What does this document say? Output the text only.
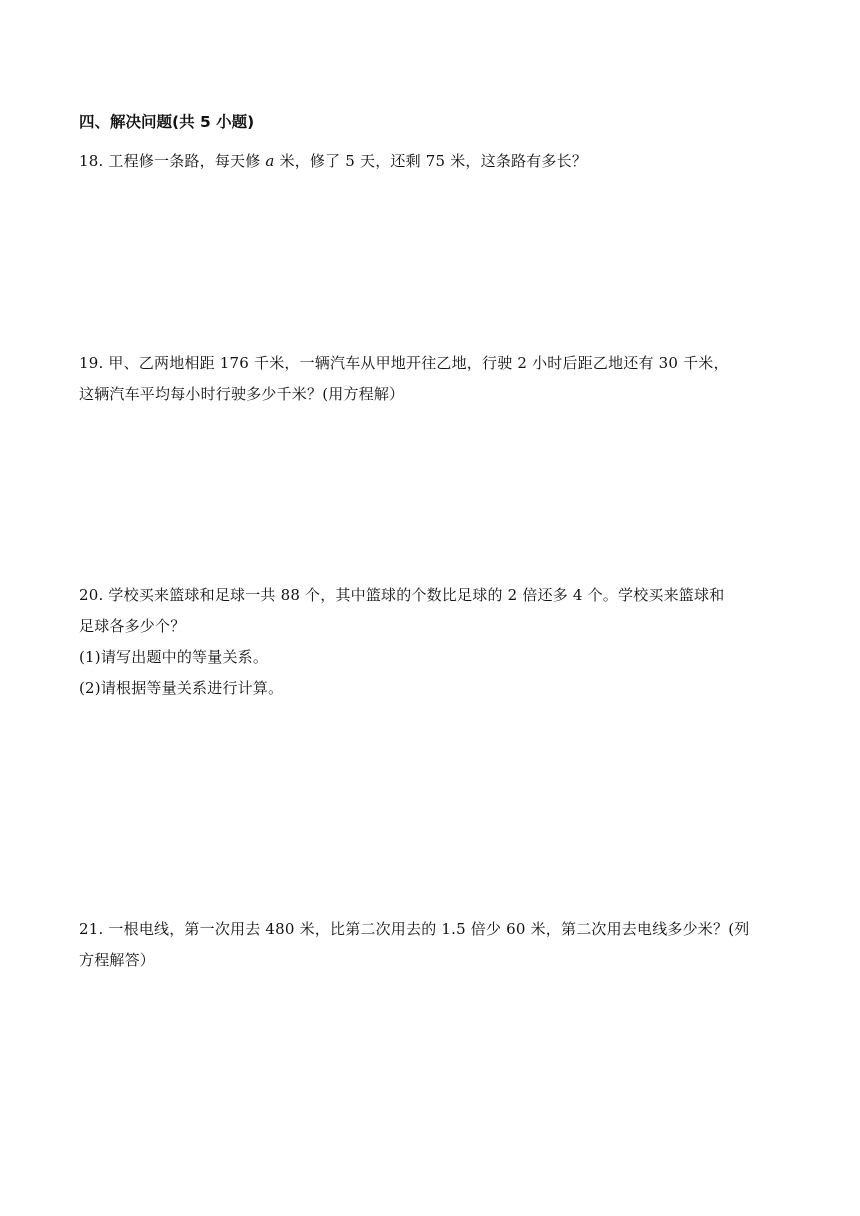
四、解决问题(共 5 小题)
18. 工程修一条路，每天修 a 米，修了 5 天，还剩 75 米，这条路有多长？
19. 甲、乙两地相距 176 千米，一辆汽车从甲地开往乙地，行驶 2 小时后距乙地还有 30 千米，
这辆汽车平均每小时行驶多少千米？(用方程解）
20. 学校买来篮球和足球一共 88 个，其中篮球的个数比足球的 2 倍还多 4 个。学校买来篮球和
足球各多少个？
(1)请写出题中的等量关系。
(2)请根据等量关系进行计算。
21. 一根电线，第一次用去 480 米，比第二次用去的 1.5 倍少 60 米，第二次用去电线多少米？(列
方程解答）
